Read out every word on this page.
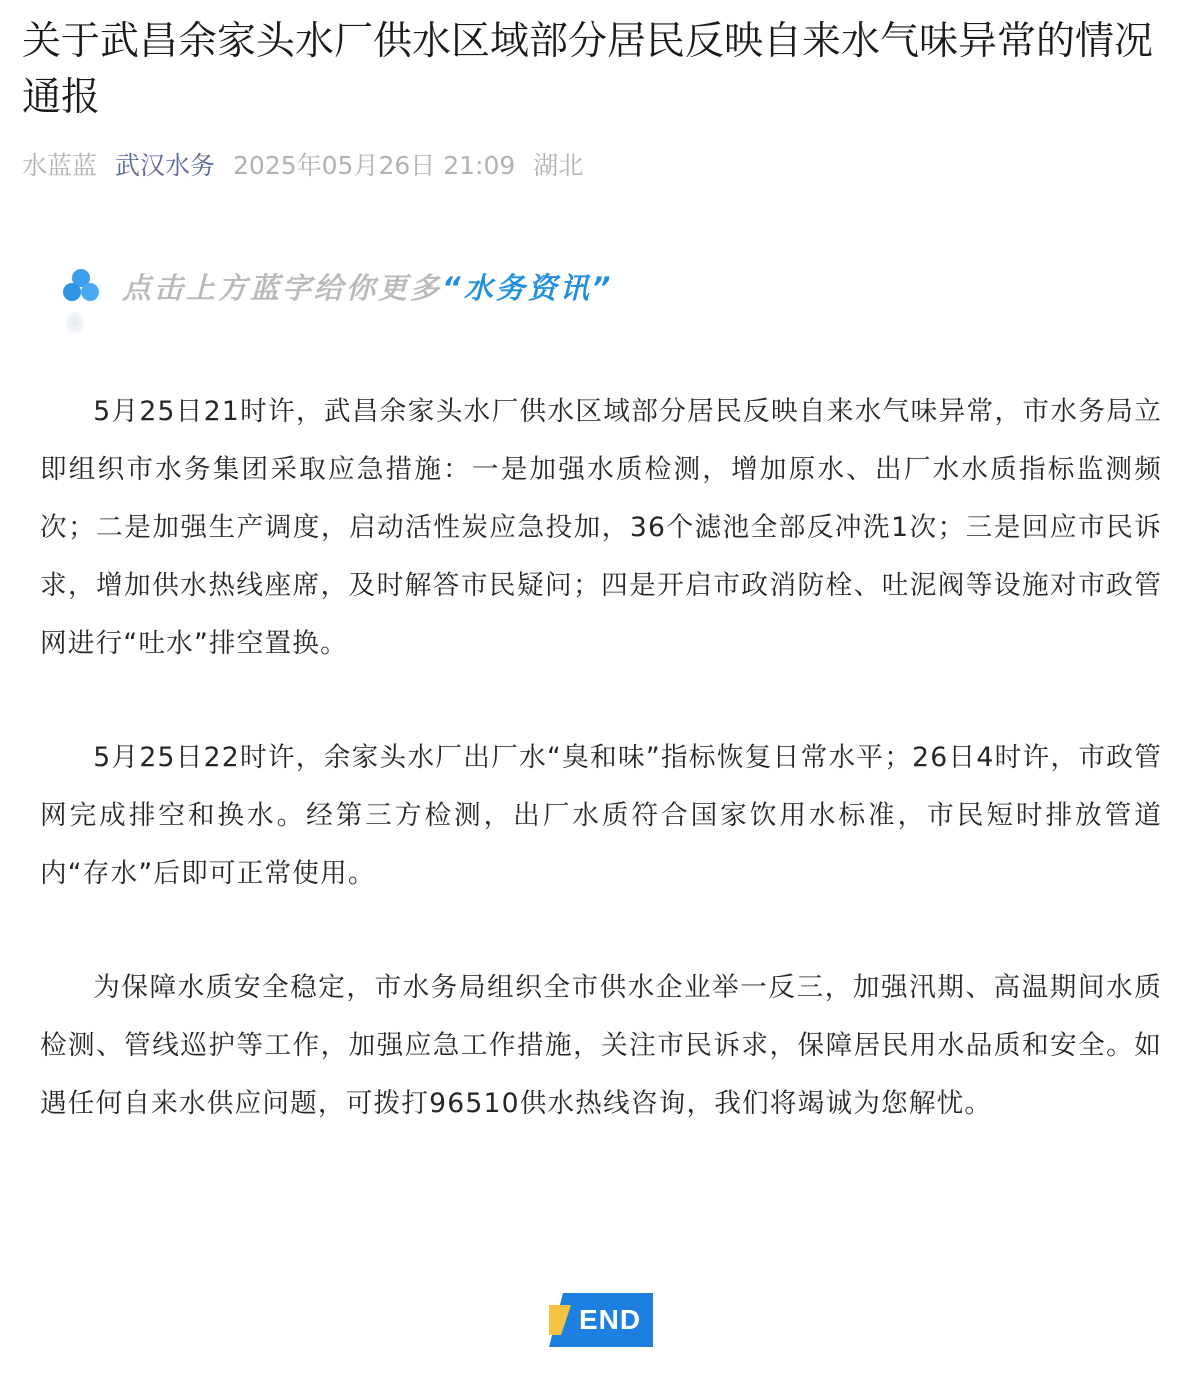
关于武昌余家头水厂供水区域部分居民反映自来水气味异常的情况通报
水蓝蓝 武汉水务 2025年05月26日 21:09 湖北
点击上方蓝字给你更多“水务资讯”

5月25日21时许，武昌余家头水厂供水区域部分居民反映自来水气味异常，市水务局立即组织市水务集团采取应急措施：一是加强水质检测，增加原水、出厂水水质指标监测频次；二是加强生产调度，启动活性炭应急投加，36个滤池全部反冲洗1次；三是回应市民诉求，增加供水热线座席，及时解答市民疑问；四是开启市政消防栓、吐泥阀等设施对市政管网进行“吐水”排空置换。

5月25日22时许，余家头水厂出厂水“臭和味”指标恢复日常水平；26日4时许，市政管网完成排空和换水。经第三方检测，出厂水质符合国家饮用水标准，市民短时排放管道内“存水”后即可正常使用。

为保障水质安全稳定，市水务局组织全市供水企业举一反三，加强汛期、高温期间水质检测、管线巡护等工作，加强应急工作措施，关注市民诉求，保障居民用水品质和安全。如遇任何自来水供应问题，可拨打96510供水热线咨询，我们将竭诚为您解忧。

END
